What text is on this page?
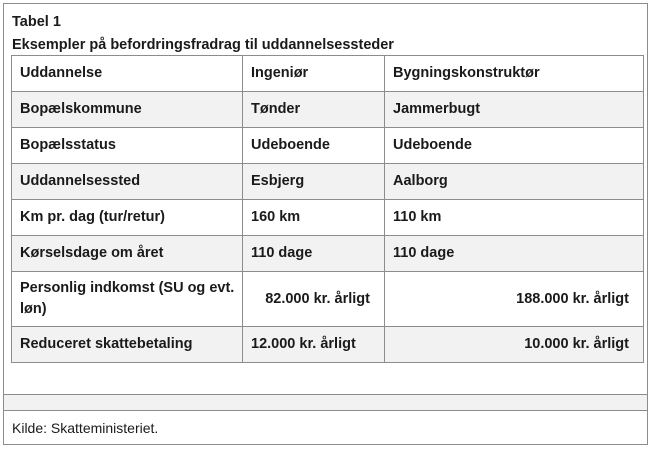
Tabel 1
Eksempler på befordringsfradrag til uddannelsessteder
Uddannelse	Ingeniør	Bygningskonstruktør
Bopælskommune	Tønder	Jammerbugt
Bopælsstatus	Udeboende	Udeboende
Uddannelsessted	Esbjerg	Aalborg
Km pr. dag (tur/retur)	160 km	110 km
Kørselsdage om året	110 dage	110 dage
Personlig indkomst (SU og evt. løn)	82.000 kr. årligt	188.000 kr. årligt
Reduceret skattebetaling	12.000 kr. årligt	10.000 kr. årligt
Kilde: Skatteministeriet.
